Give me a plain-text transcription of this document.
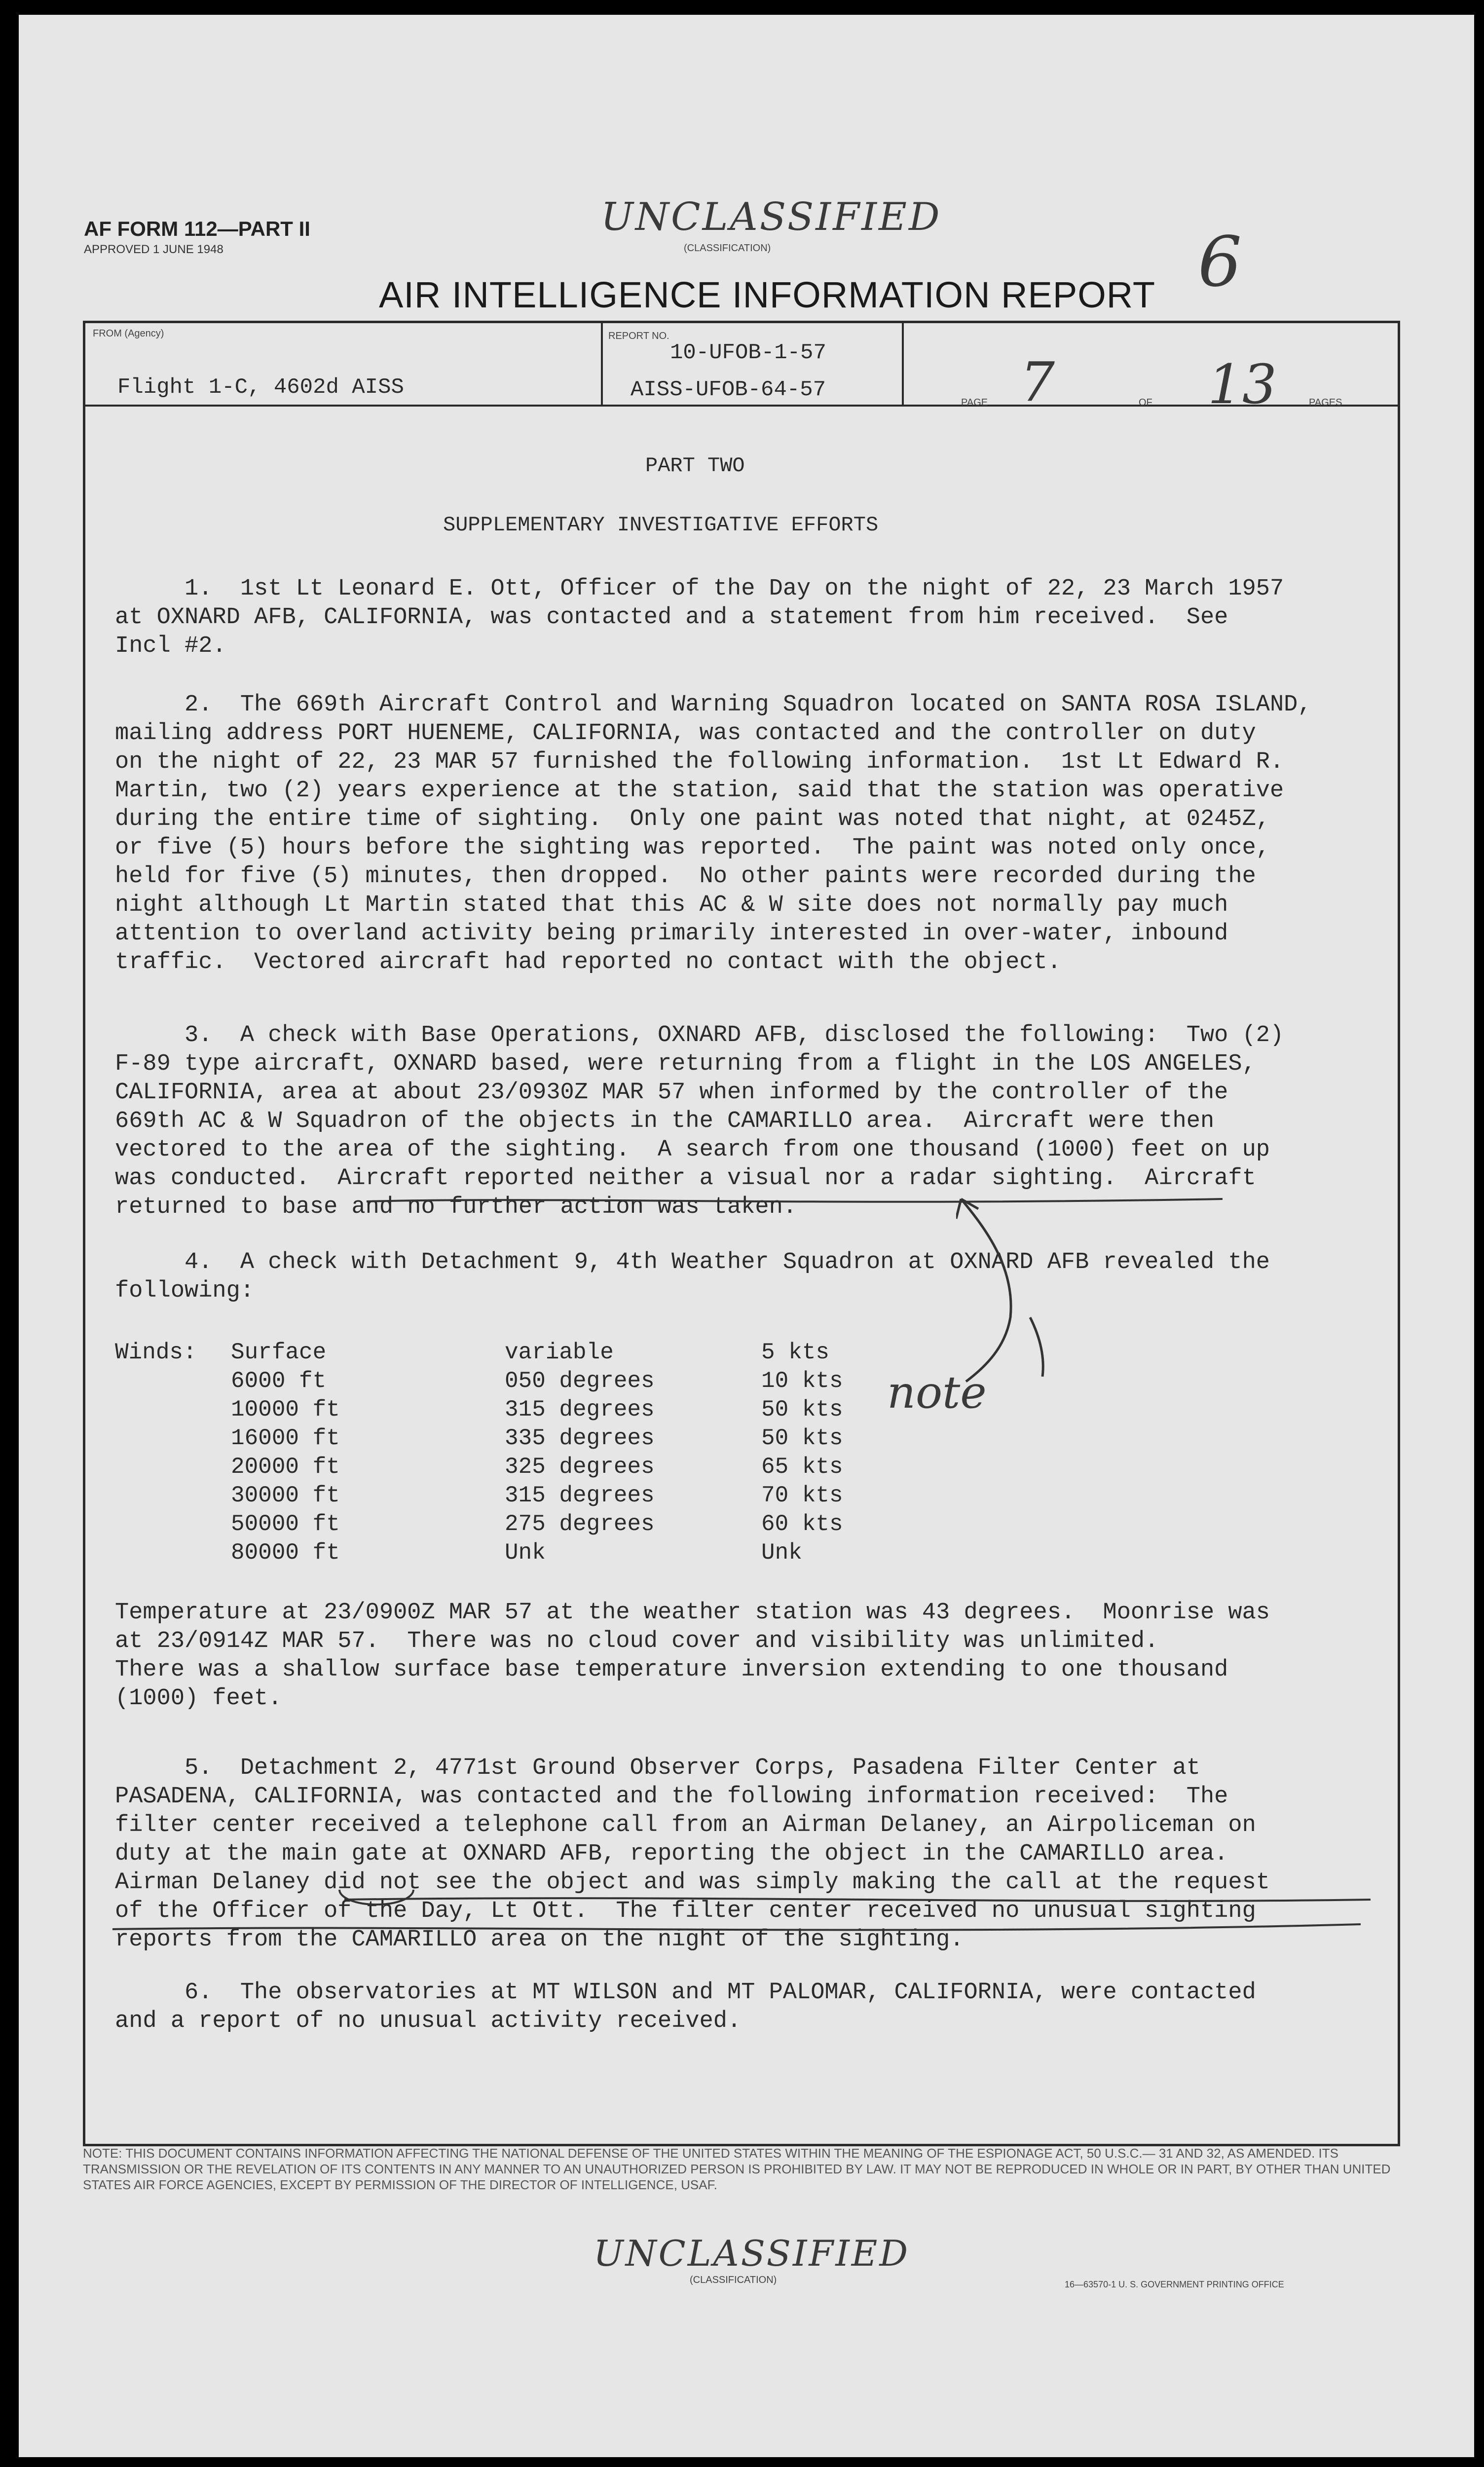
AF FORM 112—PART II
APPROVED 1 JUNE 1948
UNCLASSIFIED
(CLASSIFICATION)
AIR INTELLIGENCE INFORMATION REPORT 6
FROM (Agency)
Flight 1-C, 4602d AISS
REPORT NO.
10-UFOB-1-57
AISS-UFOB-64-57
PAGE 7	OF 13	PAGES
PART TWO
SUPPLEMENTARY INVESTIGATIVE EFFORTS
1.  1st Lt Leonard E. Ott, Officer of the Day on the night of 22, 23 March 1957
at OXNARD AFB, CALIFORNIA, was contacted and a statement from him received.  See
Incl #2.
2.  The 669th Aircraft Control and Warning Squadron located on SANTA ROSA ISLAND,
mailing address PORT HUENEME, CALIFORNIA, was contacted and the controller on duty
on the night of 22, 23 MAR 57 furnished the following information.  1st Lt Edward R.
Martin, two (2) years experience at the station, said that the station was operative
during the entire time of sighting.  Only one paint was noted that night, at 0245Z,
or five (5) hours before the sighting was reported.  The paint was noted only once,
held for five (5) minutes, then dropped.  No other paints were recorded during the
night although Lt Martin stated that this AC & W site does not normally pay much
attention to overland activity being primarily interested in over-water, inbound
traffic.  Vectored aircraft had reported no contact with the object.
3.  A check with Base Operations, OXNARD AFB, disclosed the following:  Two (2)
F-89 type aircraft, OXNARD based, were returning from a flight in the LOS ANGELES,
CALIFORNIA, area at about 23/0930Z MAR 57 when informed by the controller of the
669th AC & W Squadron of the objects in the CAMARILLO area.  Aircraft were then
vectored to the area of the sighting.  A search from one thousand (1000) feet on up
was conducted.  Aircraft reported neither a visual nor a radar sighting.  Aircraft
returned to base and no further action was taken.
4.  A check with Detachment 9, 4th Weather Squadron at OXNARD AFB revealed the
following:
Winds: Surface	variable	5 kts
6000 ft	050 degrees	10 kts
10000 ft	315 degrees	50 kts
16000 ft	335 degrees	50 kts
20000 ft	325 degrees	65 kts
30000 ft	315 degrees	70 kts
50000 ft	275 degrees	60 kts
80000 ft	Unk	Unk
Temperature at 23/0900Z MAR 57 at the weather station was 43 degrees.  Moonrise was
at 23/0914Z MAR 57.  There was no cloud cover and visibility was unlimited.
There was a shallow surface base temperature inversion extending to one thousand
(1000) feet.
5.  Detachment 2, 4771st Ground Observer Corps, Pasadena Filter Center at
PASADENA, CALIFORNIA, was contacted and the following information received:  The
filter center received a telephone call from an Airman Delaney, an Airpoliceman on
duty at the main gate at OXNARD AFB, reporting the object in the CAMARILLO area.
Airman Delaney did not see the object and was simply making the call at the request
of the Officer of the Day, Lt Ott.  The filter center received no unusual sighting
reports from the CAMARILLO area on the night of the sighting.
6.  The observatories at MT WILSON and MT PALOMAR, CALIFORNIA, were contacted
and a report of no unusual activity received.
note
NOTE: THIS DOCUMENT CONTAINS INFORMATION AFFECTING THE NATIONAL DEFENSE OF THE UNITED STATES WITHIN THE MEANING OF THE ESPIONAGE ACT, 50 U.S.C.— 31 AND 32, AS AMENDED. ITS TRANSMISSION OR THE REVELATION OF ITS CONTENTS IN ANY MANNER TO AN UNAUTHORIZED PERSON IS PROHIBITED BY LAW. IT MAY NOT BE REPRODUCED IN WHOLE OR IN PART, BY OTHER THAN UNITED STATES AIR FORCE AGENCIES, EXCEPT BY PERMISSION OF THE DIRECTOR OF INTELLIGENCE, USAF.
UNCLASSIFIED
(CLASSIFICATION)	16—63570-1 U. S. GOVERNMENT PRINTING OFFICE
